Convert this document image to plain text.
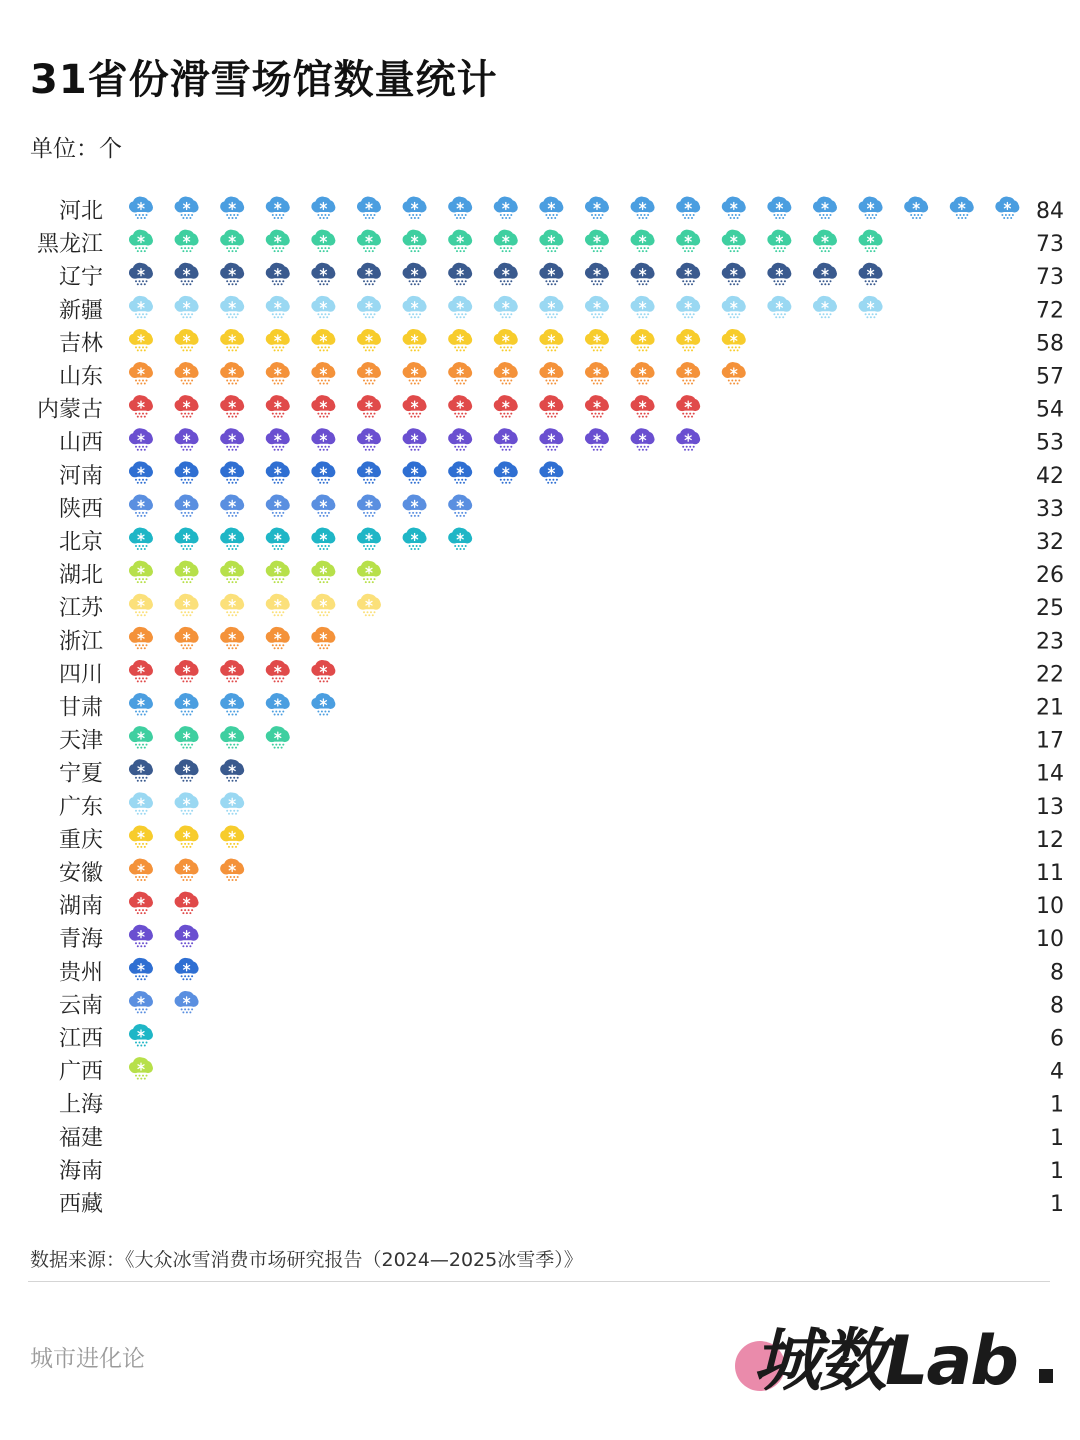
31省份滑雪场馆数量统计
单位：个
河北	84
黑龙江	73
辽宁	73
新疆	72
吉林	58
山东	57
内蒙古	54
山西	53
河南	42
陕西	33
北京	32
湖北	26
江苏	25
浙江	23
四川	22
甘肃	21
天津	17
宁夏	14
广东	13
重庆	12
安徽	11
湖南	10
青海	10
贵州	8
云南	8
江西	6
广西	4
上海	1
福建	1
海南	1
西藏	1
数据来源：《大众冰雪消费市场研究报告（2024—2025冰雪季）》
城市进化论	城数Lab
